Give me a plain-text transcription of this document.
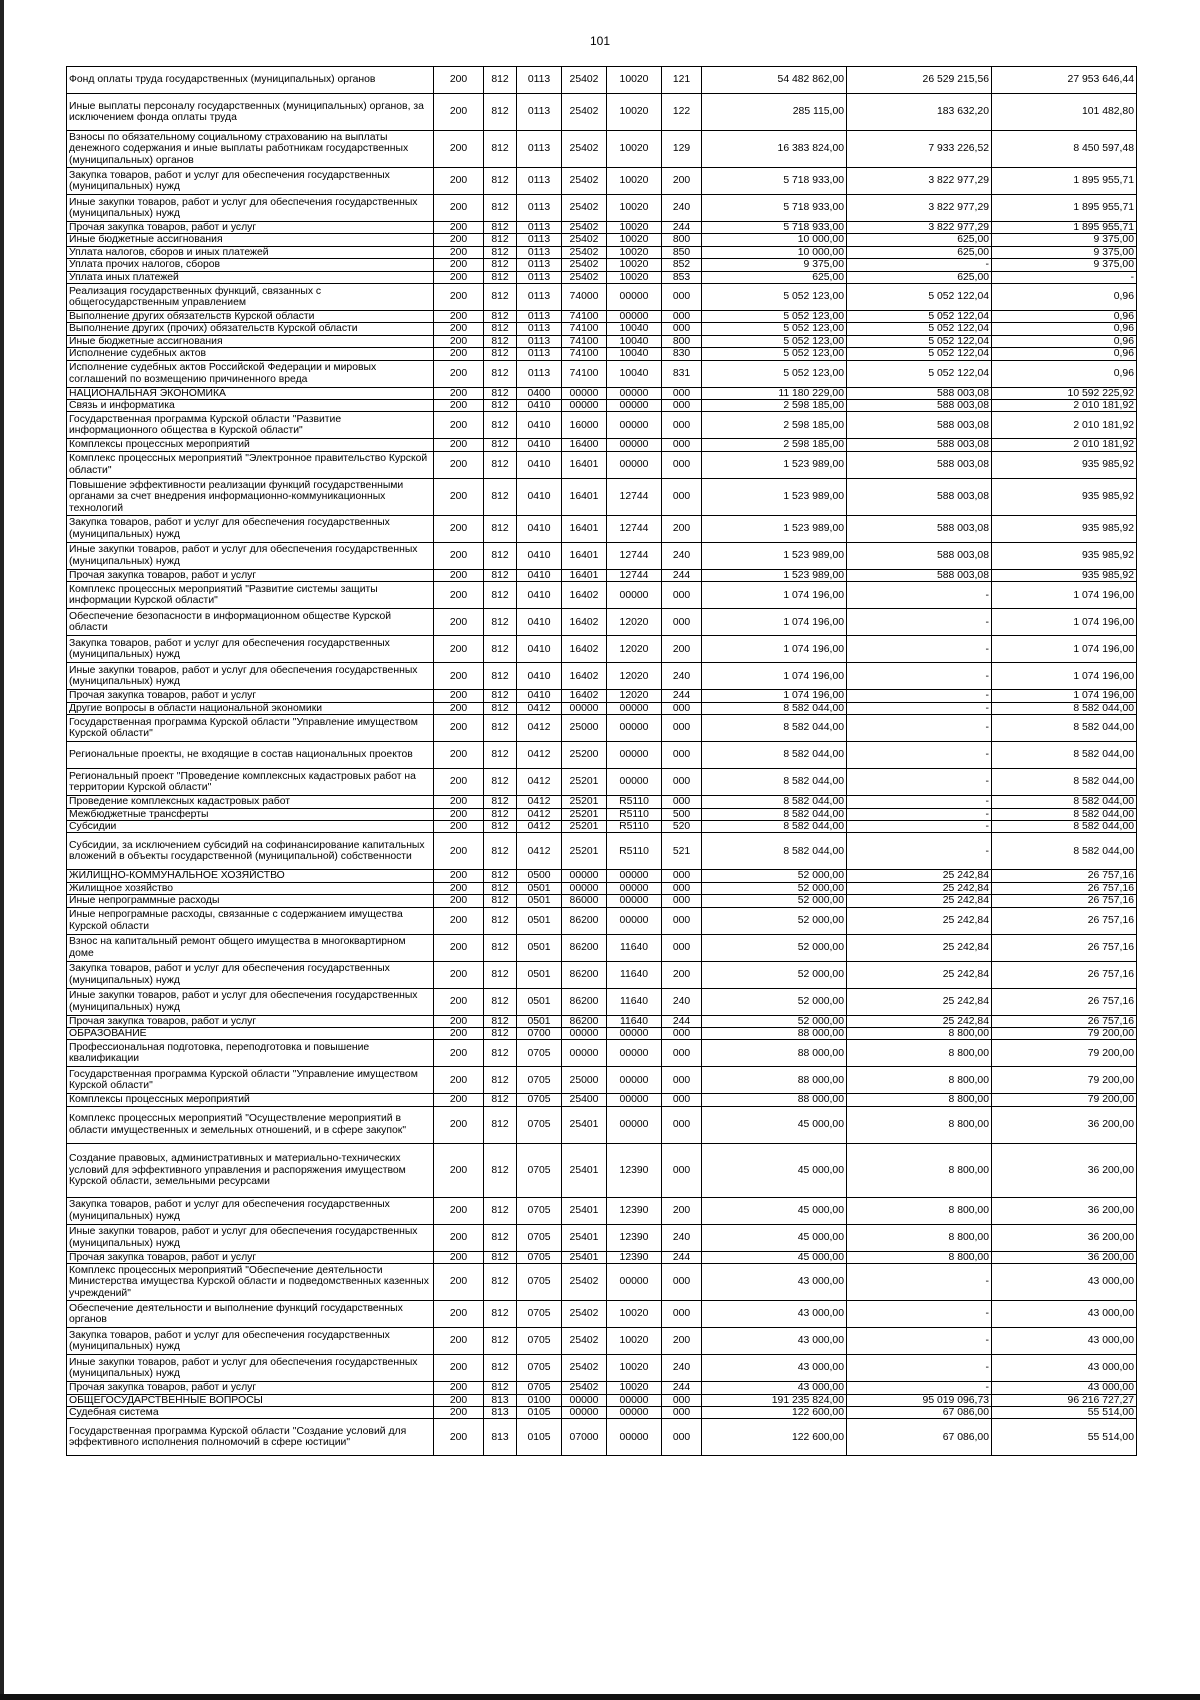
101
Фонд оплаты труда государственных (муниципальных) органов	200	812	0113	25402	10020	121	54 482 862,00	26 529 215,56	27 953 646,44
Иные выплаты персоналу государственных (муниципальных) органов, за исключением фонда оплаты труда	200	812	0113	25402	10020	122	285 115,00	183 632,20	101 482,80
Взносы по обязательному социальному страхованию на выплаты денежного содержания и иные выплаты работникам государственных (муниципальных) органов	200	812	0113	25402	10020	129	16 383 824,00	7 933 226,52	8 450 597,48
Закупка товаров, работ и услуг для обеспечения государственных (муниципальных) нужд	200	812	0113	25402	10020	200	5 718 933,00	3 822 977,29	1 895 955,71
Иные закупки товаров, работ и услуг для обеспечения государственных (муниципальных) нужд	200	812	0113	25402	10020	240	5 718 933,00	3 822 977,29	1 895 955,71
Прочая закупка товаров, работ и услуг	200	812	0113	25402	10020	244	5 718 933,00	3 822 977,29	1 895 955,71
Иные бюджетные ассигнования	200	812	0113	25402	10020	800	10 000,00	625,00	9 375,00
Уплата налогов, сборов и иных платежей	200	812	0113	25402	10020	850	10 000,00	625,00	9 375,00
Уплата прочих налогов, сборов	200	812	0113	25402	10020	852	9 375,00	-	9 375,00
Уплата иных платежей	200	812	0113	25402	10020	853	625,00	625,00	-
Реализация государственных функций, связанных с общегосударственным управлением	200	812	0113	74000	00000	000	5 052 123,00	5 052 122,04	0,96
Выполнение других обязательств Курской области	200	812	0113	74100	00000	000	5 052 123,00	5 052 122,04	0,96
Выполнение других (прочих) обязательств Курской области	200	812	0113	74100	10040	000	5 052 123,00	5 052 122,04	0,96
Иные бюджетные ассигнования	200	812	0113	74100	10040	800	5 052 123,00	5 052 122,04	0,96
Исполнение судебных актов	200	812	0113	74100	10040	830	5 052 123,00	5 052 122,04	0,96
Исполнение судебных актов Российской Федерации и мировых соглашений по возмещению причиненного вреда	200	812	0113	74100	10040	831	5 052 123,00	5 052 122,04	0,96
НАЦИОНАЛЬНАЯ ЭКОНОМИКА	200	812	0400	00000	00000	000	11 180 229,00	588 003,08	10 592 225,92
Связь и информатика	200	812	0410	00000	00000	000	2 598 185,00	588 003,08	2 010 181,92
Государственная программа Курской области "Развитие информационного общества в Курской области"	200	812	0410	16000	00000	000	2 598 185,00	588 003,08	2 010 181,92
Комплексы процессных мероприятий	200	812	0410	16400	00000	000	2 598 185,00	588 003,08	2 010 181,92
Комплекс процессных мероприятий "Электронное правительство Курской области"	200	812	0410	16401	00000	000	1 523 989,00	588 003,08	935 985,92
Повышение эффективности реализации функций государственными органами за счет внедрения информационно-коммуникационных технологий	200	812	0410	16401	12744	000	1 523 989,00	588 003,08	935 985,92
Закупка товаров, работ и услуг для обеспечения государственных (муниципальных) нужд	200	812	0410	16401	12744	200	1 523 989,00	588 003,08	935 985,92
Иные закупки товаров, работ и услуг для обеспечения государственных (муниципальных) нужд	200	812	0410	16401	12744	240	1 523 989,00	588 003,08	935 985,92
Прочая закупка товаров, работ и услуг	200	812	0410	16401	12744	244	1 523 989,00	588 003,08	935 985,92
Комплекс процессных мероприятий "Развитие системы защиты информации Курской области"	200	812	0410	16402	00000	000	1 074 196,00	-	1 074 196,00
Обеспечение безопасности в информационном обществе Курской области	200	812	0410	16402	12020	000	1 074 196,00	-	1 074 196,00
Закупка товаров, работ и услуг для обеспечения государственных (муниципальных) нужд	200	812	0410	16402	12020	200	1 074 196,00	-	1 074 196,00
Иные закупки товаров, работ и услуг для обеспечения государственных (муниципальных) нужд	200	812	0410	16402	12020	240	1 074 196,00	-	1 074 196,00
Прочая закупка товаров, работ и услуг	200	812	0410	16402	12020	244	1 074 196,00	-	1 074 196,00
Другие вопросы в области национальной экономики	200	812	0412	00000	00000	000	8 582 044,00	-	8 582 044,00
Государственная программа Курской области "Управление имуществом Курской области"	200	812	0412	25000	00000	000	8 582 044,00	-	8 582 044,00
Региональные проекты, не входящие в состав национальных проектов	200	812	0412	25200	00000	000	8 582 044,00	-	8 582 044,00
Региональный проект "Проведение комплексных кадастровых работ на территории Курской области"	200	812	0412	25201	00000	000	8 582 044,00	-	8 582 044,00
Проведение комплексных кадастровых работ	200	812	0412	25201	R5110	000	8 582 044,00	-	8 582 044,00
Межбюджетные трансферты	200	812	0412	25201	R5110	500	8 582 044,00	-	8 582 044,00
Субсидии	200	812	0412	25201	R5110	520	8 582 044,00	-	8 582 044,00
Субсидии, за исключением субсидий на софинансирование капитальных вложений в объекты государственной (муниципальной) собственности	200	812	0412	25201	R5110	521	8 582 044,00	-	8 582 044,00
ЖИЛИЩНО-КОММУНАЛЬНОЕ ХОЗЯЙСТВО	200	812	0500	00000	00000	000	52 000,00	25 242,84	26 757,16
Жилищное хозяйство	200	812	0501	00000	00000	000	52 000,00	25 242,84	26 757,16
Иные непрограммные расходы	200	812	0501	86000	00000	000	52 000,00	25 242,84	26 757,16
Иные непрограмные расходы, связанные с содержанием имущества Курской области	200	812	0501	86200	00000	000	52 000,00	25 242,84	26 757,16
Взнос на капитальный ремонт общего имущества в многоквартирном доме	200	812	0501	86200	11640	000	52 000,00	25 242,84	26 757,16
Закупка товаров, работ и услуг для обеспечения государственных (муниципальных) нужд	200	812	0501	86200	11640	200	52 000,00	25 242,84	26 757,16
Иные закупки товаров, работ и услуг для обеспечения государственных (муниципальных) нужд	200	812	0501	86200	11640	240	52 000,00	25 242,84	26 757,16
Прочая закупка товаров, работ и услуг	200	812	0501	86200	11640	244	52 000,00	25 242,84	26 757,16
ОБРАЗОВАНИЕ	200	812	0700	00000	00000	000	88 000,00	8 800,00	79 200,00
Профессиональная подготовка, переподготовка и повышение квалификации	200	812	0705	00000	00000	000	88 000,00	8 800,00	79 200,00
Государственная программа Курской области "Управление имуществом Курской области"	200	812	0705	25000	00000	000	88 000,00	8 800,00	79 200,00
Комплексы процессных мероприятий	200	812	0705	25400	00000	000	88 000,00	8 800,00	79 200,00
Комплекс процессных мероприятий "Осуществление мероприятий в области имущественных и земельных отношений, и в сфере закупок"	200	812	0705	25401	00000	000	45 000,00	8 800,00	36 200,00
Создание правовых, административных и материально-технических условий для эффективного управления и распоряжения имуществом Курской области, земельными ресурсами	200	812	0705	25401	12390	000	45 000,00	8 800,00	36 200,00
Закупка товаров, работ и услуг для обеспечения государственных (муниципальных) нужд	200	812	0705	25401	12390	200	45 000,00	8 800,00	36 200,00
Иные закупки товаров, работ и услуг для обеспечения государственных (муниципальных) нужд	200	812	0705	25401	12390	240	45 000,00	8 800,00	36 200,00
Прочая закупка товаров, работ и услуг	200	812	0705	25401	12390	244	45 000,00	8 800,00	36 200,00
Комплекс процессных мероприятий "Обеспечение деятельности Министерства имущества Курской области и подведомственных казенных учреждений"	200	812	0705	25402	00000	000	43 000,00	-	43 000,00
Обеспечение деятельности и выполнение функций государственных органов	200	812	0705	25402	10020	000	43 000,00	-	43 000,00
Закупка товаров, работ и услуг для обеспечения государственных (муниципальных) нужд	200	812	0705	25402	10020	200	43 000,00	-	43 000,00
Иные закупки товаров, работ и услуг для обеспечения государственных (муниципальных) нужд	200	812	0705	25402	10020	240	43 000,00	-	43 000,00
Прочая закупка товаров, работ и услуг	200	812	0705	25402	10020	244	43 000,00	-	43 000,00
ОБЩЕГОСУДАРСТВЕННЫЕ ВОПРОСЫ	200	813	0100	00000	00000	000	191 235 824,00	95 019 096,73	96 216 727,27
Судебная система	200	813	0105	00000	00000	000	122 600,00	67 086,00	55 514,00
Государственная программа Курской области "Создание условий для эффективного исполнения полномочий в сфере юстиции"	200	813	0105	07000	00000	000	122 600,00	67 086,00	55 514,00
